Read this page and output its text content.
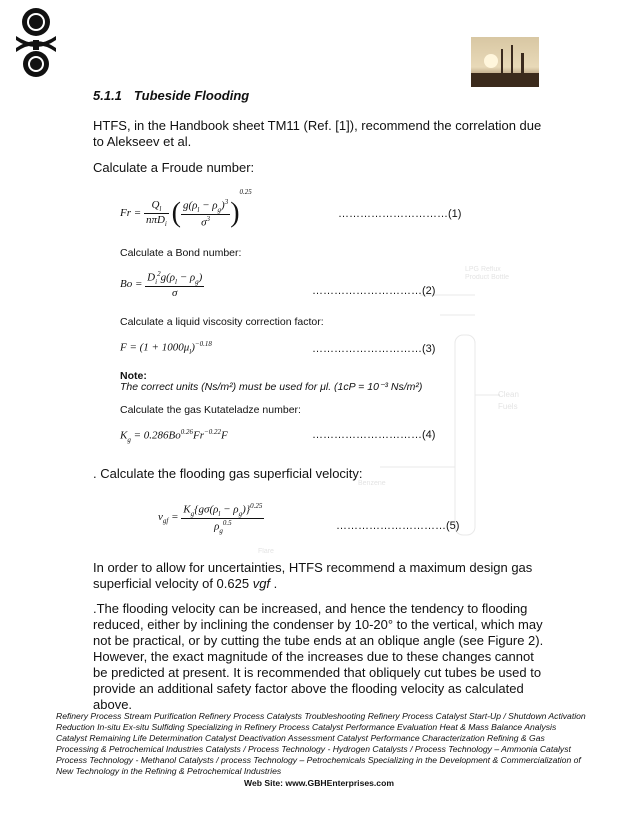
5.1.1 Tubeside Flooding
HTFS, in the Handbook sheet TM11 (Ref. [1]), recommend the correlation due to Alekseev et al.
Calculate a Froude number:
LPG Reflux
Product Bottle
Clean
Fuels
Benzene
Flare
$Fr = \frac{Q_l}{n\pi D_i}$ ( $\frac{g(\rho_l - \rho_g)^3}{\sigma^3} )^{0.25}$
…………………………(1)
Calculate a Bond number:
$Bo = \frac{D_i^2g(\rho_l - \rho_g)}{\sigma}$	…………………………(2)
Calculate a liquid viscosity correction factor:
$F = (1 + 1000\mu_l)^{-0.18}$	…………………………(3)
Note:
The correct units (Ns/m²) must be used for μl. (1cP = 10⁻³ Ns/m²)
Calculate the gas Kutateladze number:
$K_g = 0.286Bo^{0.26}Fr^{-0.22}F$	…………………………(4)
. Calculate the flooding gas superficial velocity:
$v_{gf} = \frac{K_g\{g\sigma(\rho_l - \rho_g)\}^{0.25}}{\rho_g^{0.5}}$	…………………………(5)
In order to allow for uncertainties, HTFS recommend a maximum design gas superficial velocity of 0.625 vgf .
.The flooding velocity can be increased, and hence the tendency to flooding reduced, either by inclining the condenser by 10-20° to the vertical, which may not be practical, or by cutting the tube ends at an oblique angle (see Figure 2). However, the exact magnitude of the increases due to these changes cannot be predicted at present. It is recommended that obliquely cut tubes be used to provide an additional safety factor above the flooding velocity as calculated above.
Refinery Process Stream Purification Refinery Process Catalysts Troubleshooting Refinery Process Catalyst Start-Up / Shutdown Activation Reduction In-situ Ex-situ Sulfiding Specializing in Refinery Process Catalyst Performance Evaluation Heat & Mass Balance Analysis Catalyst Remaining Life Determination Catalyst Deactivation Assessment Catalyst Performance Characterization Refining & Gas Processing & Petrochemical Industries Catalysts / Process Technology - Hydrogen Catalysts / Process Technology – Ammonia Catalyst Process Technology - Methanol Catalysts / process Technology – Petrochemicals Specializing in the Development & Commercialization of New Technology in the Refining & Petrochemical Industries
Web Site: www.GBHEnterprises.com
